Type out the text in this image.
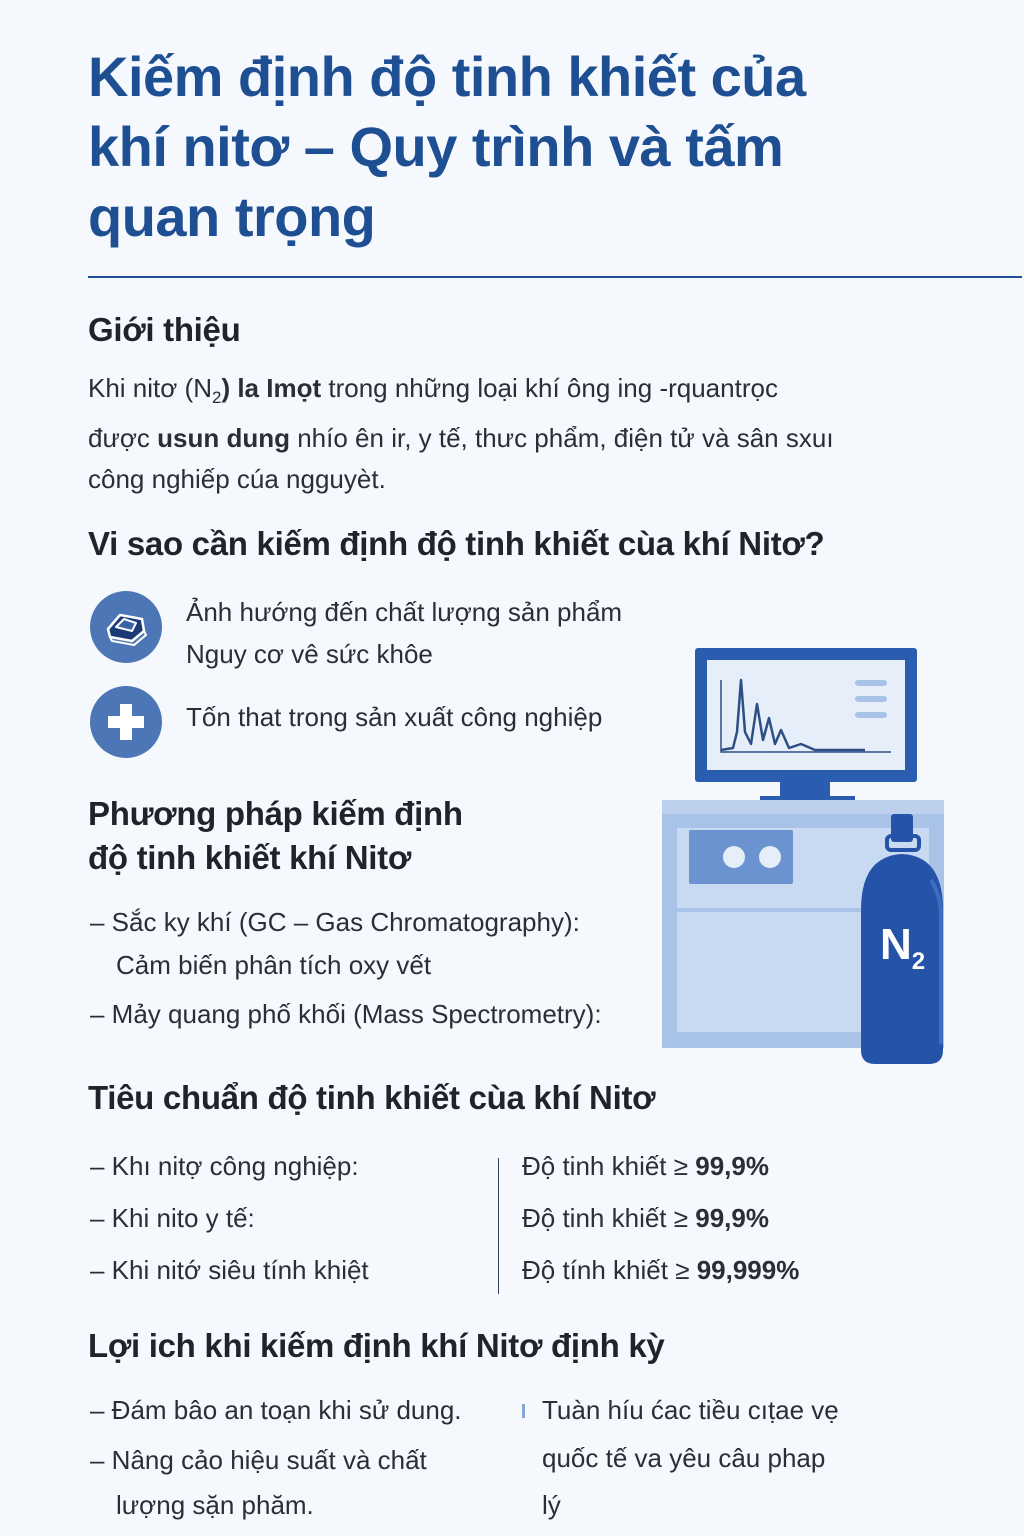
Kiếm định độ tinh khiết của
khí nitơ – Quy trình và tấm
quan trọng
Giới thiệu

Khi nitơ $(N_2)$ la Imọt trong những loại khí ông ing -rquantrọc
được usun dung nhío ên ir, y tế, thưc phẩm, điện tử và sân sxuı
công nghiếp cúa ngguyèt.

Vi sao cần kiếm định độ tinh khiết cùa khí Nitơ?
Ảnh hướng đến chất lượng sản phẩm
Nguy cơ vê sức khôe
Tốn that trong sản xuất công nghiệp
$N_2$
Phương pháp kiếm định
độ tinh khiết khí Nitơ
– Sắc ky khí (GC – Gas Chromatography):
Cảm biến phân tích oxy vết
– Mảy quang phố khối (Mass Spectrometry):
Tiêu chuẩn độ tinh khiết cùa khí Nitơ
– Khı nitợ công nghiệp:
– Khi nito y tế:
– Khi nitớ siêu tính khiệt
Độ tinh khiết ≥ 99,9%
Độ tinh khiết ≥ 99,9%
Độ tính khiết ≥ 99,999%
Lợi ich khi kiếm định khí Nitơ định kỳ
– Đám bâo an toạn khi sử dung.
– Nâng cảo hiệu suất và chất
lượng sặn phăm.
Tuàn híu ćac tiều cıṭae vẹ
quốc tế va yêu câu phap
lý
